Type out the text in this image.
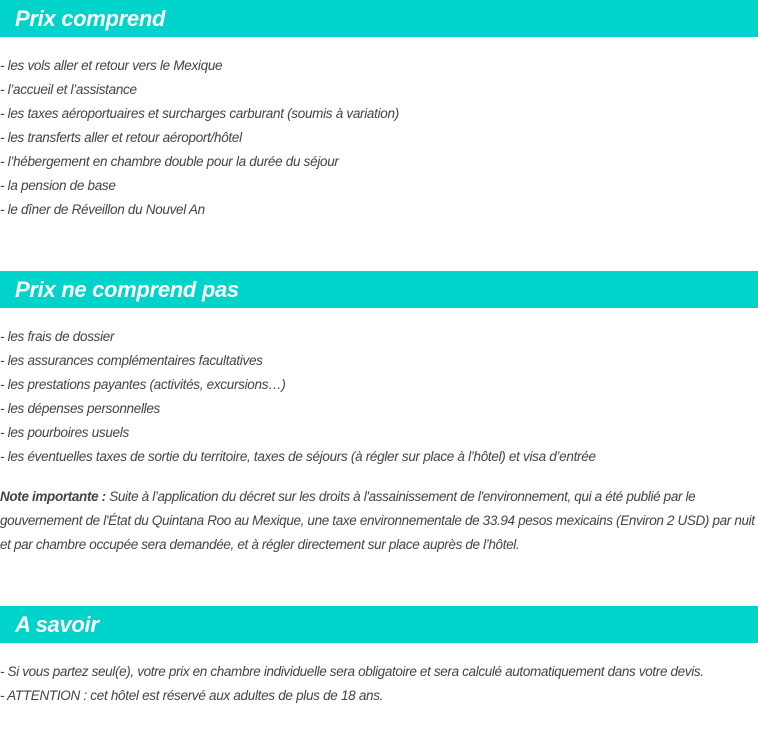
Prix comprend
- les vols aller et retour vers le Mexique
- l’accueil et l’assistance
- les taxes aéroportuaires et surcharges carburant (soumis à variation)
- les transferts aller et retour aéroport/hôtel
- l’hébergement en chambre double pour la durée du séjour
- la pension de base
- le dîner de Réveillon du Nouvel An
Prix ne comprend pas
- les frais de dossier
- les assurances complémentaires facultatives
- les prestations payantes (activités, excursions…)
- les dépenses personnelles
- les pourboires usuels
- les éventuelles taxes de sortie du territoire, taxes de séjours (à régler sur place à l’hôtel) et visa d’entrée

Note importante : Suite à l’application du décret sur les droits à l'assainissement de l'environnement, qui a été publié par le gouvernement de l'État du Quintana Roo au Mexique, une taxe environnementale de 33.94 pesos mexicains (Environ 2 USD) par nuit et par chambre occupée sera demandée, et à régler directement sur place auprès de l’hôtel.

A savoir

- Si vous partez seul(e), votre prix en chambre individuelle sera obligatoire et sera calculé automatiquement dans votre devis.

- ATTENTION : cet hôtel est réservé aux adultes de plus de 18 ans.
